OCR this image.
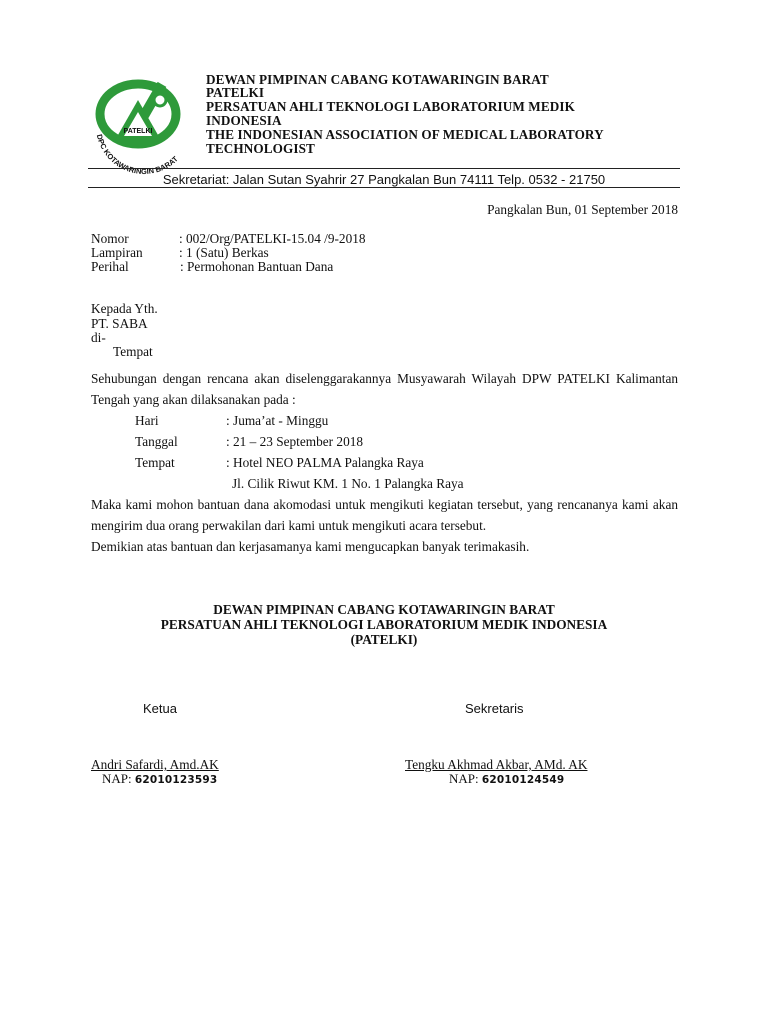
PATELKI
DPC KOTAWARINGIN BARAT
DEWAN PIMPINAN CABANG KOTAWARINGIN BARAT
PATELKI
PERSATUAN AHLI TEKNOLOGI LABORATORIUM MEDIK
INDONESIA
THE INDONESIAN ASSOCIATION OF MEDICAL LABORATORY
TECHNOLOGIST
Sekretariat: Jalan Sutan Syahrir 27 Pangkalan Bun 74111 Telp. 0532 - 21750
Pangkalan Bun, 01 September 2018
Nomor	: 002/Org/PATELKI-15.04 /9-2018
Lampiran	: 1 (Satu) Berkas
Perihal	: Permohonan Bantuan Dana
Kepada Yth.
PT. SABA
di-
Tempat
Sehubungan dengan rencana akan diselenggarakannya Musyawarah Wilayah DPW PATELKI Kalimantan Tengah yang akan dilaksanakan pada :
Hari	: Juma’at - Minggu
Tanggal	: 21 – 23 September 2018
Tempat	: Hotel NEO PALMA Palangka Raya
Jl. Cilik Riwut KM. 1 No. 1 Palangka Raya
Maka kami mohon bantuan dana akomodasi untuk mengikuti kegiatan tersebut, yang rencananya kami akan mengirim dua orang perwakilan dari kami untuk mengikuti acara tersebut.
Demikian atas bantuan dan kerjasamanya kami mengucapkan banyak terimakasih.
DEWAN PIMPINAN CABANG KOTAWARINGIN BARAT
PERSATUAN AHLI TEKNOLOGI LABORATORIUM MEDIK INDONESIA
(PATELKI)
Ketua	Sekretaris
Andri Safardi, Amd.AK	Tengku Akhmad Akbar, AMd. AK
NAP: 62010123593	NAP: 62010124549
